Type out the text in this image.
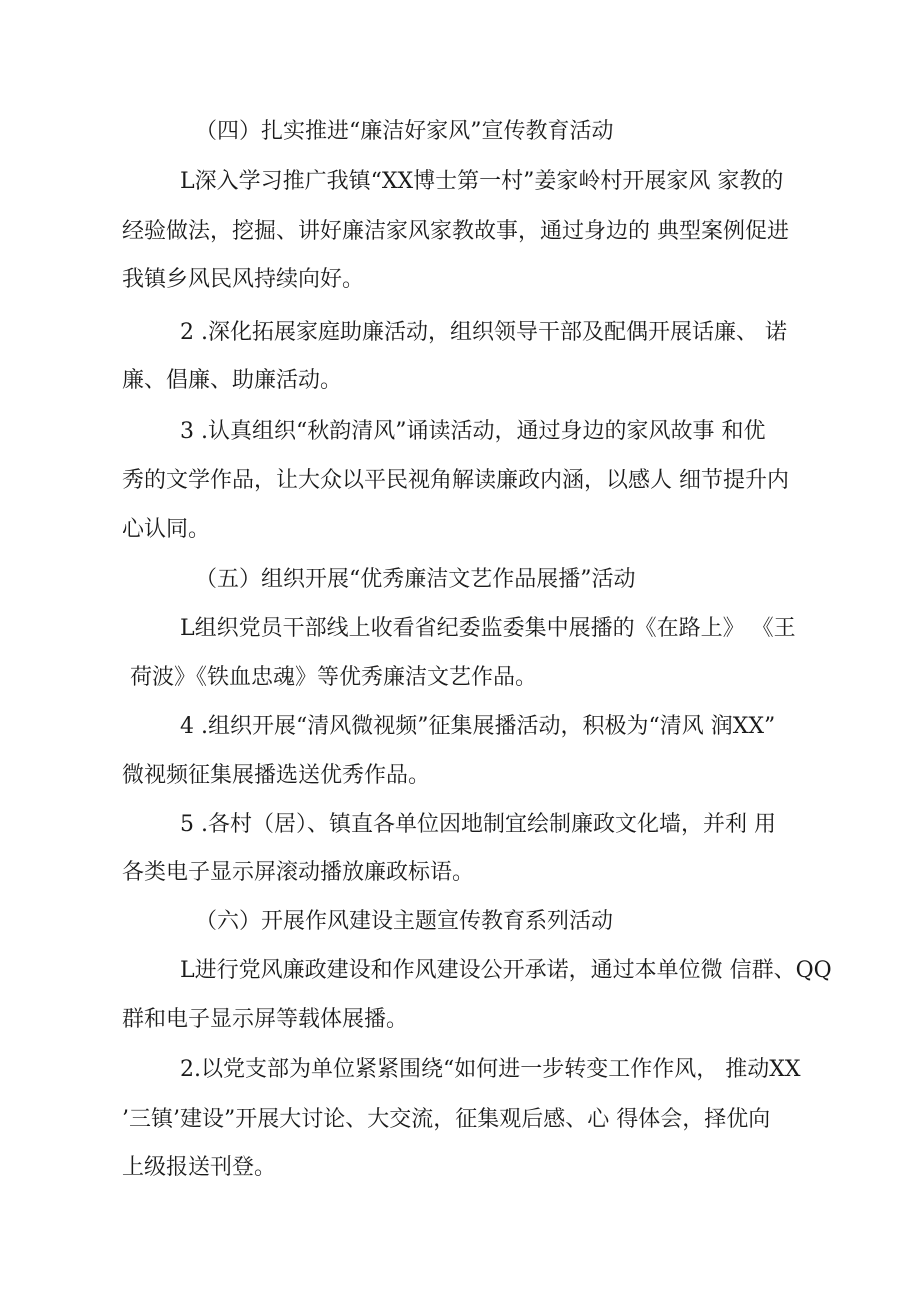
（四）扎实推进“廉洁好家风”宣传教育活动
L深入学习推广我镇“XX博士第一村”姜家岭村开展家风 家教的
经验做法，挖掘、讲好廉洁家风家教故事，通过身边的 典型案例促进
我镇乡风民风持续向好。
2 .深化拓展家庭助廉活动，组织领导干部及配偶开展话廉、 诺
廉、倡廉、助廉活动。
3 .认真组织“秋韵清风”诵读活动，通过身边的家风故事 和优
秀的文学作品，让大众以平民视角解读廉政内涵，以感人 细节提升内
心认同。
（五）组织开展“优秀廉洁文艺作品展播”活动
L组织党员干部线上收看省纪委监委集中展播的《在路上》 《王
荷波》《铁血忠魂》等优秀廉洁文艺作品。
4 .组织开展“清风微视频”征集展播活动，积极为“清风 润XX”
微视频征集展播选送优秀作品。
5 .各村（居）、镇直各单位因地制宜绘制廉政文化墙，并利 用
各类电子显示屏滚动播放廉政标语。
（六）开展作风建设主题宣传教育系列活动
L进行党风廉政建设和作风建设公开承诺，通过本单位微 信群、QQ
群和电子显示屏等载体展播。
2.以党支部为单位紧紧围绕“如何进一步转变工作作风， 推动XX
’三镇’建设”开展大讨论、大交流，征集观后感、心 得体会，择优向
上级报送刊登。
